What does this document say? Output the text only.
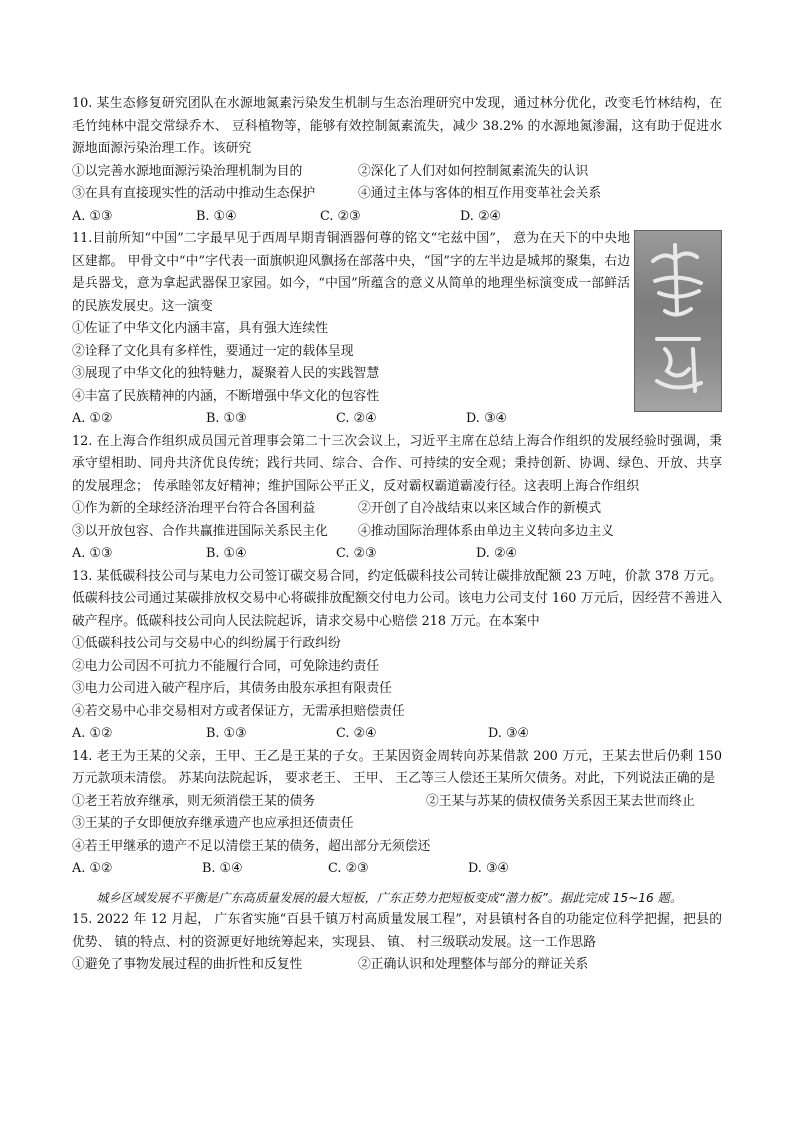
10. 某生态修复研究团队在水源地氮素污染发生机制与生态治理研究中发现，通过林分优化，改变毛竹林结构，在毛竹纯林中混交常绿乔木、 豆科植物等，能够有效控制氮素流失，减少 38.2% 的水源地氮渗漏，这有助于促进水源地面源污染治理工作。该研究

①以完善水源地面源污染治理机制为目的	②深化了人们对如何控制氮素流失的认识
③在具有直接现实性的活动中推动生态保护	④通过主体与客体的相互作用变革社会关系
A. ①③	B. ①④	C. ②③	D. ②④

11.目前所知“中国”二字最早见于西周早期青铜酒器何尊的铭文“宅兹中国”， 意为在天下的中央地区建都。 甲骨文中“中”字代表一面旗帜迎风飘扬在部落中央，“国”字的左半边是城邦的聚集，右边是兵器戈，意为拿起武器保卫家园。如今，“中国”所蕴含的意义从简单的地理坐标演变成一部鲜活的民族发展史。这一演变

①佐证了中华文化内涵丰富，具有强大连续性

②诠释了文化具有多样性，要通过一定的载体呈现

③展现了中华文化的独特魅力，凝聚着人民的实践智慧

④丰富了民族精神的内涵，不断增强中华文化的包容性

A. ①②	B. ①③	C. ②④	D. ③④

12. 在上海合作组织成员国元首理事会第二十三次会议上，习近平主席在总结上海合作组织的发展经验时强调，秉承守望相助、同舟共济优良传统；践行共同、综合、合作、可持续的安全观；秉持创新、协调、绿色、开放、共享的发展理念； 传承睦邻友好精神；维护国际公平正义，反对霸权霸道霸凌行径。这表明上海合作组织

①作为新的全球经济治理平台符合各国利益	②开创了自冷战结束以来区域合作的新模式
③以开放包容、合作共赢推进国际关系民主化	④推动国际治理体系由单边主义转向多边主义
A. ①③	B. ①④	C. ②③	D. ②④

13. 某低碳科技公司与某电力公司签订碳交易合同，约定低碳科技公司转让碳排放配额 23 万吨，价款 378 万元。低碳科技公司通过某碳排放权交易中心将碳排放配额交付电力公司。该电力公司支付 160 万元后，因经营不善进入破产程序。低碳科技公司向人民法院起诉，请求交易中心赔偿 218 万元。在本案中

①低碳科技公司与交易中心的纠纷属于行政纠纷

②电力公司因不可抗力不能履行合同，可免除违约责任

③电力公司进入破产程序后，其债务由股东承担有限责任

④若交易中心非交易相对方或者保证方，无需承担赔偿责任

A. ①②	B. ①③	C. ②④	D. ③④

14. 老王为王某的父亲，王甲、王乙是王某的子女。王某因资金周转向苏某借款 200 万元，王某去世后仍剩 150 万元款项未清偿。 苏某向法院起诉， 要求老王、 王甲、 王乙等三人偿还王某所欠债务。对此，下列说法正确的是

①老王若放弃继承，则无须消偿王某的债务	②王某与苏某的债权债务关系因王某去世而终止

③王某的子女即便放弃继承遗产也应承担还债责任

④若王甲继承的遗产不足以清偿王某的债务，超出部分无须偿还

A. ①②	B. ①④	C. ②③	D. ③④

城乡区域发展不平衡是广东高质量发展的最大短板，广东正势力把短板变成“潜力板”。据此完成 15~16 题。

15. 2022 年 12 月起， 广东省实施“百县千镇万村高质量发展工程”，对县镇村各自的功能定位科学把握，把县的优势、 镇的特点、村的资源更好地统筹起来，实现县、 镇、 村三级联动发展。这一工作思路

①避免了事物发展过程的曲折性和反复性	②正确认识和处理整体与部分的辩证关系
